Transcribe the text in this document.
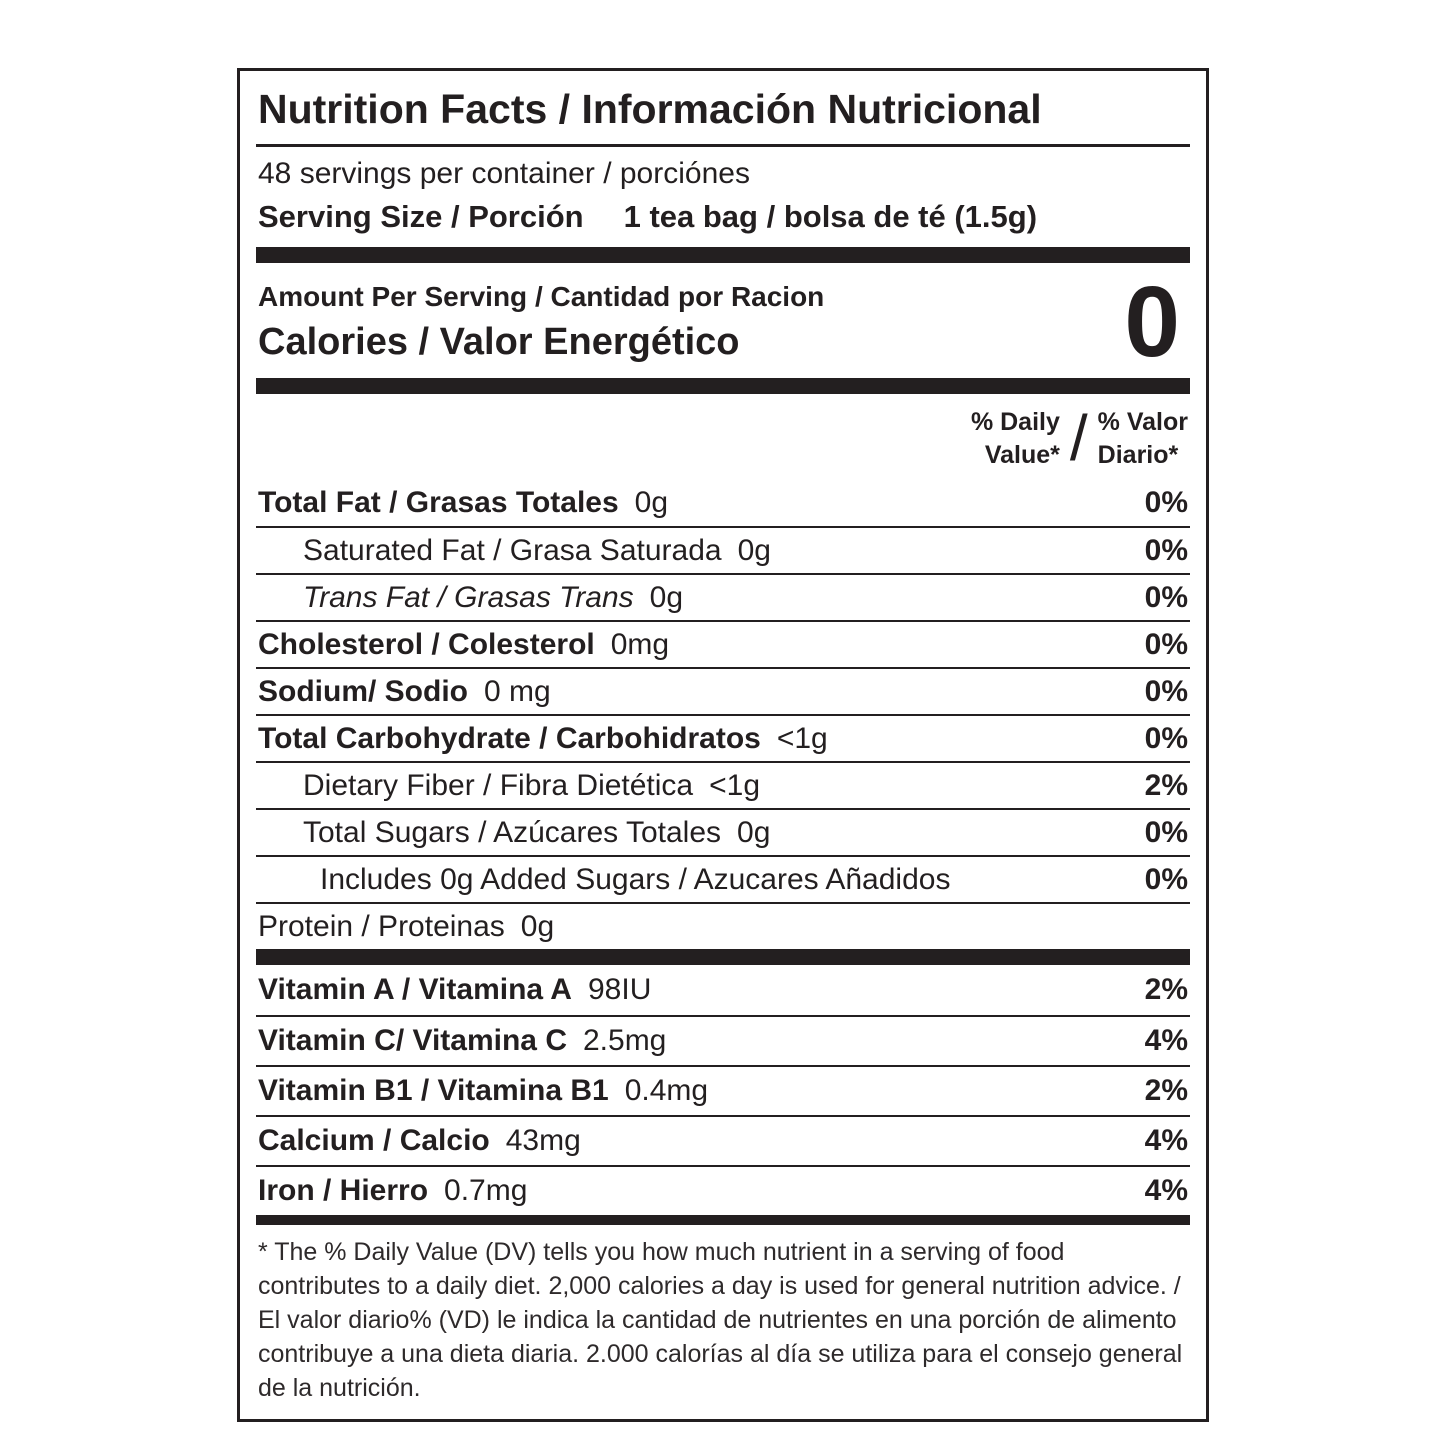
Nutrition Facts / Información Nutricional
48 servings per container / porciónes
Serving Size / Porción 1 tea bag / bolsa de té (1.5g)
Amount Per Serving / Cantidad por Racion
Calories / Valor Energético	0
% Daily
Value* / % Valor
Diario*
Total Fat / Grasas Totales 0g	0%
Saturated Fat / Grasa Saturada 0g	0%
Trans Fat / Grasas Trans 0g	0%
Cholesterol / Colesterol 0mg	0%
Sodium/ Sodio 0 mg	0%
Total Carbohydrate / Carbohidratos <1g	0%
Dietary Fiber / Fibra Dietética <1g	2%
Total Sugars / Azúcares Totales 0g	0%
Includes 0g Added Sugars / Azucares Añadidos	0%
Protein / Proteinas 0g
Vitamin A / Vitamina A 98IU	2%
Vitamin C/ Vitamina C 2.5mg	4%
Vitamin B1 / Vitamina B1 0.4mg	2%
Calcium / Calcio 43mg	4%
Iron / Hierro 0.7mg	4%

* The % Daily Value (DV) tells you how much nutrient in a serving of food contributes to a daily diet. 2,000 calories a day is used for general nutrition advice. / El valor diario% (VD) le indica la cantidad de nutrientes en una porción de alimento contribuye a una dieta diaria. 2.000 calorías al día se utiliza para el consejo general de la nutrición.
